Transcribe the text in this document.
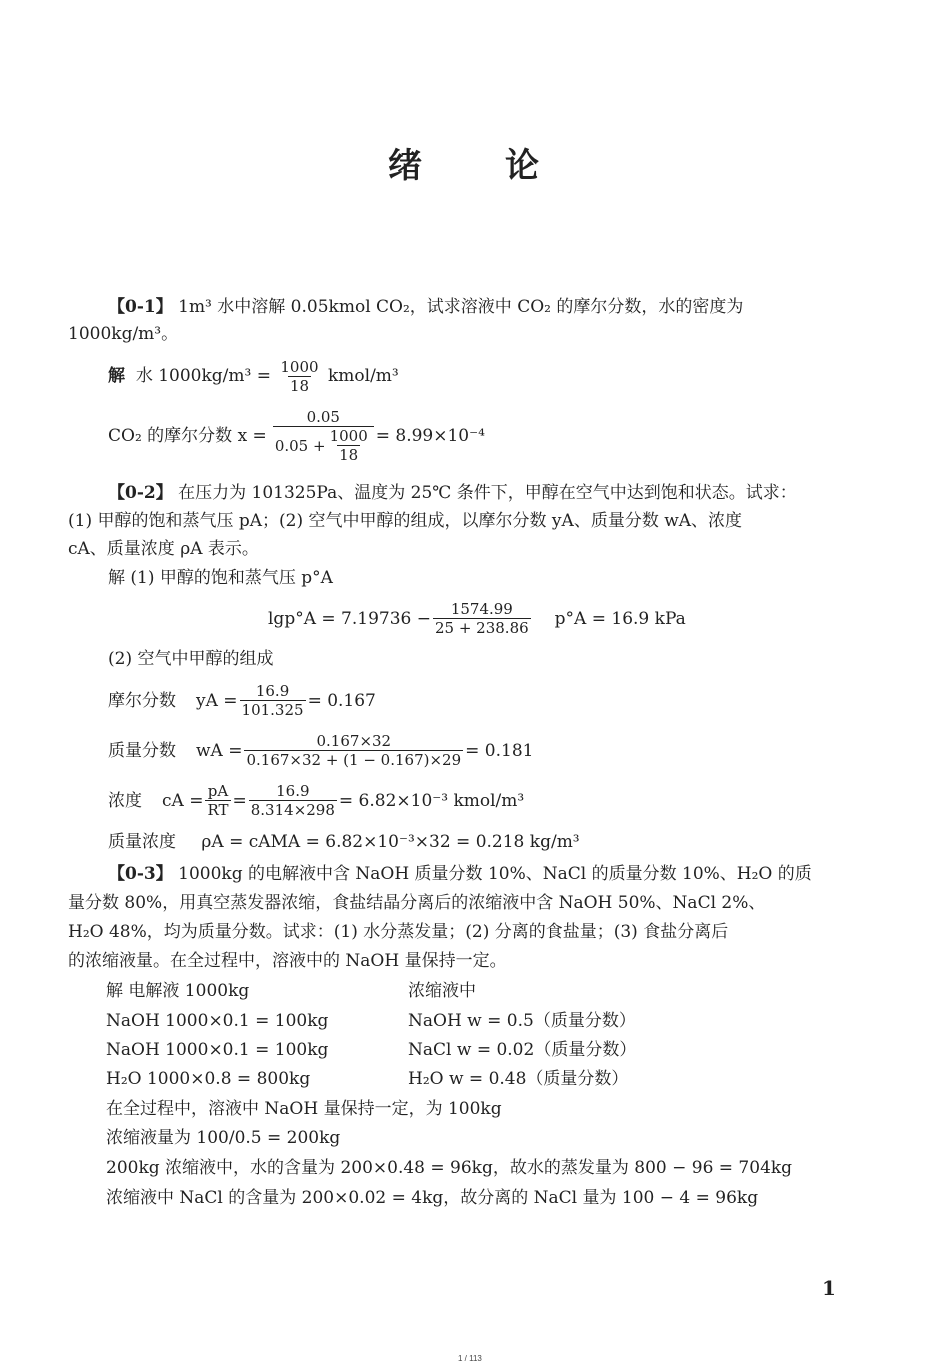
绪 论
【0-1】 1m³ 水中溶解 0.05kmol CO₂，试求溶液中 CO₂ 的摩尔分数，水的密度为
1000kg/m³。
解 水 $1000kg/m^3 = \frac{1000}{18}$ kmol/m³
CO₂ 的摩尔分数 $x = \frac{0.05}{0.05 + \frac{1000}{18}} = 8.99\times 10^{-4}$
【0-2】 在压力为 101325Pa、温度为 25℃ 条件下，甲醇在空气中达到饱和状态。试求：
(1) 甲醇的饱和蒸气压 pA；(2) 空气中甲醇的组成，以摩尔分数 yA、质量分数 wA、浓度
cA、质量浓度 ρA 表示。
解 (1) 甲醇的饱和蒸气压 p°A
$\lg p^\circ A = 7.19736 - \frac{1574.99}{25 + 238.86} p^\circ A = 16.9$ kPa
(2) 空气中甲醇的组成
摩尔分数 yA = $\frac{16.9}{101.325} = 0.167$
质量分数 wA = $\frac{0.167\times 32}{0.167\times 32 + (1 - 0.167)\times 29} = 0.181$
浓度 cA = $\frac{pA}{RT} = \frac{16.9}{8.314\times 298} = 6.82\times 10^{-3}$ kmol/m³
质量浓度 ρA = cAMA = 6.82×10⁻³×32 = 0.218 kg/m³
【0-3】 1000kg 的电解液中含 NaOH 质量分数 10%、NaCl 的质量分数 10%、H₂O 的质
量分数 80%，用真空蒸发器浓缩，食盐结晶分离后的浓缩液中含 NaOH 50%、NaCl 2%、
H₂O 48%，均为质量分数。试求：(1) 水分蒸发量；(2) 分离的食盐量；(3) 食盐分离后
的浓缩液量。在全过程中，溶液中的 NaOH 量保持一定。
解 电解液 1000kg	浓缩液中
NaOH 1000×0.1 = 100kg
NaOH 1000×0.1 = 100kg
H₂O 1000×0.8 = 800kg
NaOH w = 0.5（质量分数）
NaCl w = 0.02（质量分数）
H₂O w = 0.48（质量分数）
在全过程中，溶液中 NaOH 量保持一定，为 100kg
浓缩液量为 100/0.5 = 200kg
200kg 浓缩液中，水的含量为 200×0.48 = 96kg，故水的蒸发量为 800 − 96 = 704kg
浓缩液中 NaCl 的含量为 200×0.02 = 4kg，故分离的 NaCl 量为 100 − 4 = 96kg
1
1 / 113
